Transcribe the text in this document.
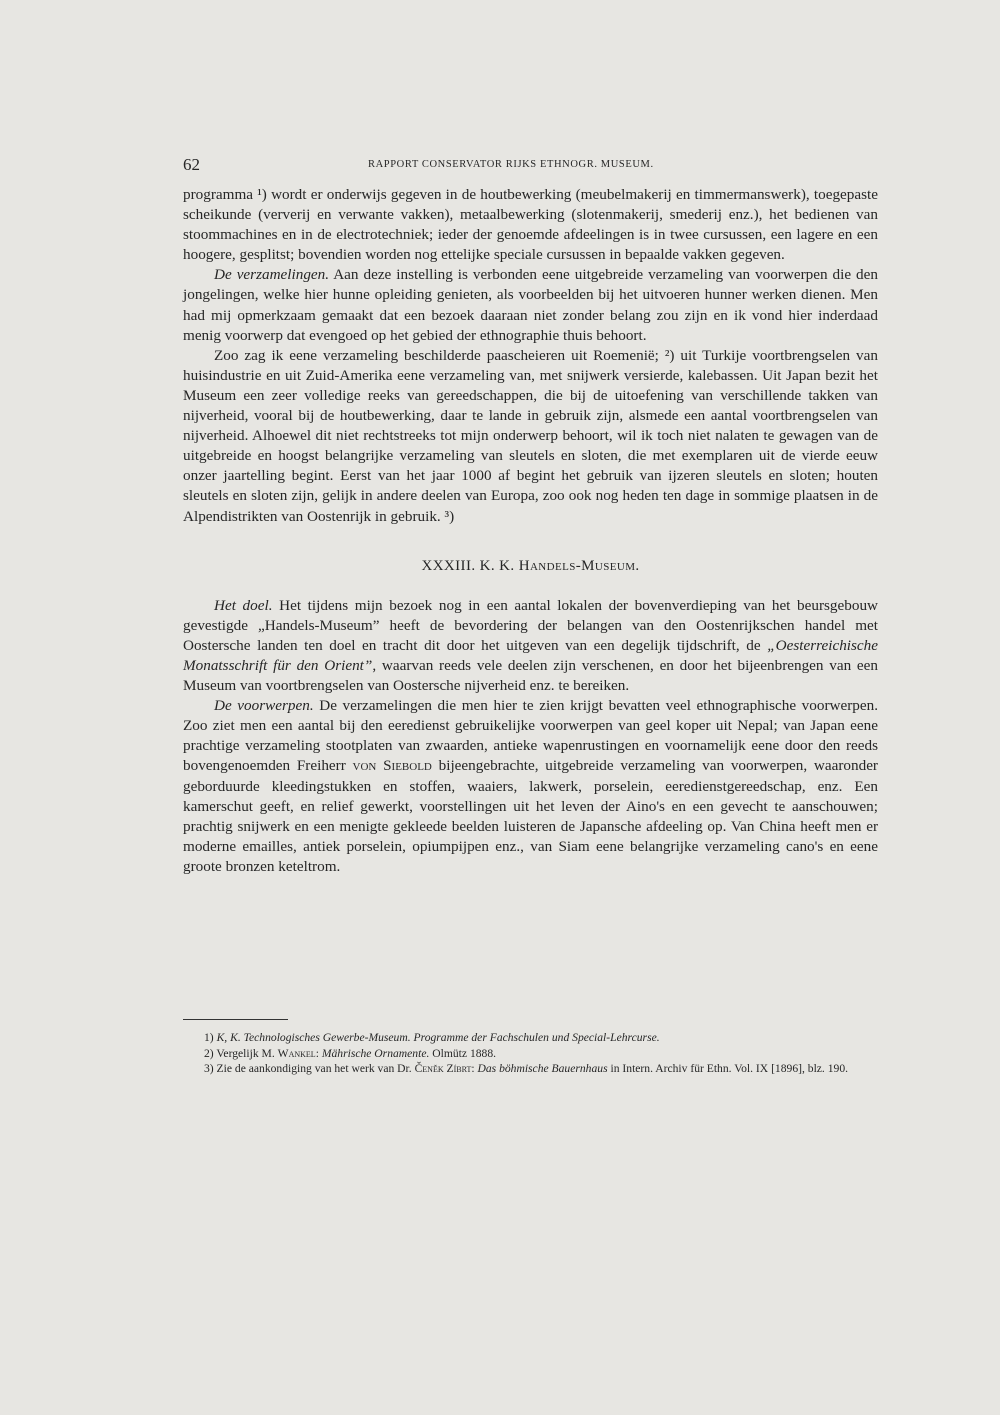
62	RAPPORT CONSERVATOR RIJKS ETHNOGR. MUSEUM.

programma ¹) wordt er onderwijs gegeven in de houtbewerking (meubelmakerij en timmermanswerk), toegepaste scheikunde (ververij en verwante vakken), metaalbewerking (slotenmakerij, smederij enz.), het bedienen van stoommachines en in de electrotechniek; ieder der genoemde afdeelingen is in twee cursussen, een lagere en een hoogere, gesplitst; bovendien worden nog ettelijke speciale cursussen in bepaalde vakken gegeven.

De verzamelingen. Aan deze instelling is verbonden eene uitgebreide verzameling van voorwerpen die den jongelingen, welke hier hunne opleiding genieten, als voorbeelden bij het uitvoeren hunner werken dienen. Men had mij opmerkzaam gemaakt dat een bezoek daaraan niet zonder belang zou zijn en ik vond hier inderdaad menig voorwerp dat evengoed op het gebied der ethnographie thuis behoort.

Zoo zag ik eene verzameling beschilderde paascheieren uit Roemenië; ²) uit Turkije voortbrengselen van huisindustrie en uit Zuid-Amerika eene verzameling van, met snijwerk versierde, kalebassen. Uit Japan bezit het Museum een zeer volledige reeks van gereedschappen, die bij de uitoefening van verschillende takken van nijverheid, vooral bij de houtbewerking, daar te lande in gebruik zijn, alsmede een aantal voortbrengselen van nijverheid. Alhoewel dit niet rechtstreeks tot mijn onderwerp behoort, wil ik toch niet nalaten te gewagen van de uitgebreide en hoogst belangrijke verzameling van sleutels en sloten, die met exemplaren uit de vierde eeuw onzer jaartelling begint. Eerst van het jaar 1000 af begint het gebruik van ijzeren sleutels en sloten; houten sleutels en sloten zijn, gelijk in andere deelen van Europa, zoo ook nog heden ten dage in sommige plaatsen in de Alpendistrikten van Oostenrijk in gebruik. ³)

XXXIII. K. K. Handels-Museum.

Het doel. Het tijdens mijn bezoek nog in een aantal lokalen der bovenverdieping van het beursgebouw gevestigde „Handels-Museum” heeft de bevordering der belangen van den Oostenrijkschen handel met Oostersche landen ten doel en tracht dit door het uitgeven van een degelijk tijdschrift, de „Oesterreichische Monatsschrift für den Orient”, waarvan reeds vele deelen zijn verschenen, en door het bijeenbrengen van een Museum van voortbrengselen van Oostersche nijverheid enz. te bereiken.

De voorwerpen. De verzamelingen die men hier te zien krijgt bevatten veel ethnographische voorwerpen. Zoo ziet men een aantal bij den eeredienst gebruikelijke voorwerpen van geel koper uit Nepal; van Japan eene prachtige verzameling stootplaten van zwaarden, antieke wapenrustingen en voornamelijk eene door den reeds bovengenoemden Freiherr von Siebold bijeengebrachte, uitgebreide verzameling van voorwerpen, waaronder geborduurde kleedingstukken en stoffen, waaiers, lakwerk, porselein, eeredienstgereedschap, enz. Een kamerschut geeft, en relief gewerkt, voorstellingen uit het leven der Aino's en een gevecht te aanschouwen; prachtig snijwerk en een menigte gekleede beelden luisteren de Japansche afdeeling op. Van China heeft men er moderne emailles, antiek porselein, opiumpijpen enz., van Siam eene belangrijke verzameling cano's en eene groote bronzen keteltrom.

1) K, K. Technologisches Gewerbe-Museum. Programme der Fachschulen und Special-Lehrcurse.

2) Vergelijk M. Wankel: Mährische Ornamente. Olmütz 1888.

3) Zie de aankondiging van het werk van Dr. Čeněk Zíbrt: Das böhmische Bauernhaus in Intern. Archiv für Ethn. Vol. IX [1896], blz. 190.
